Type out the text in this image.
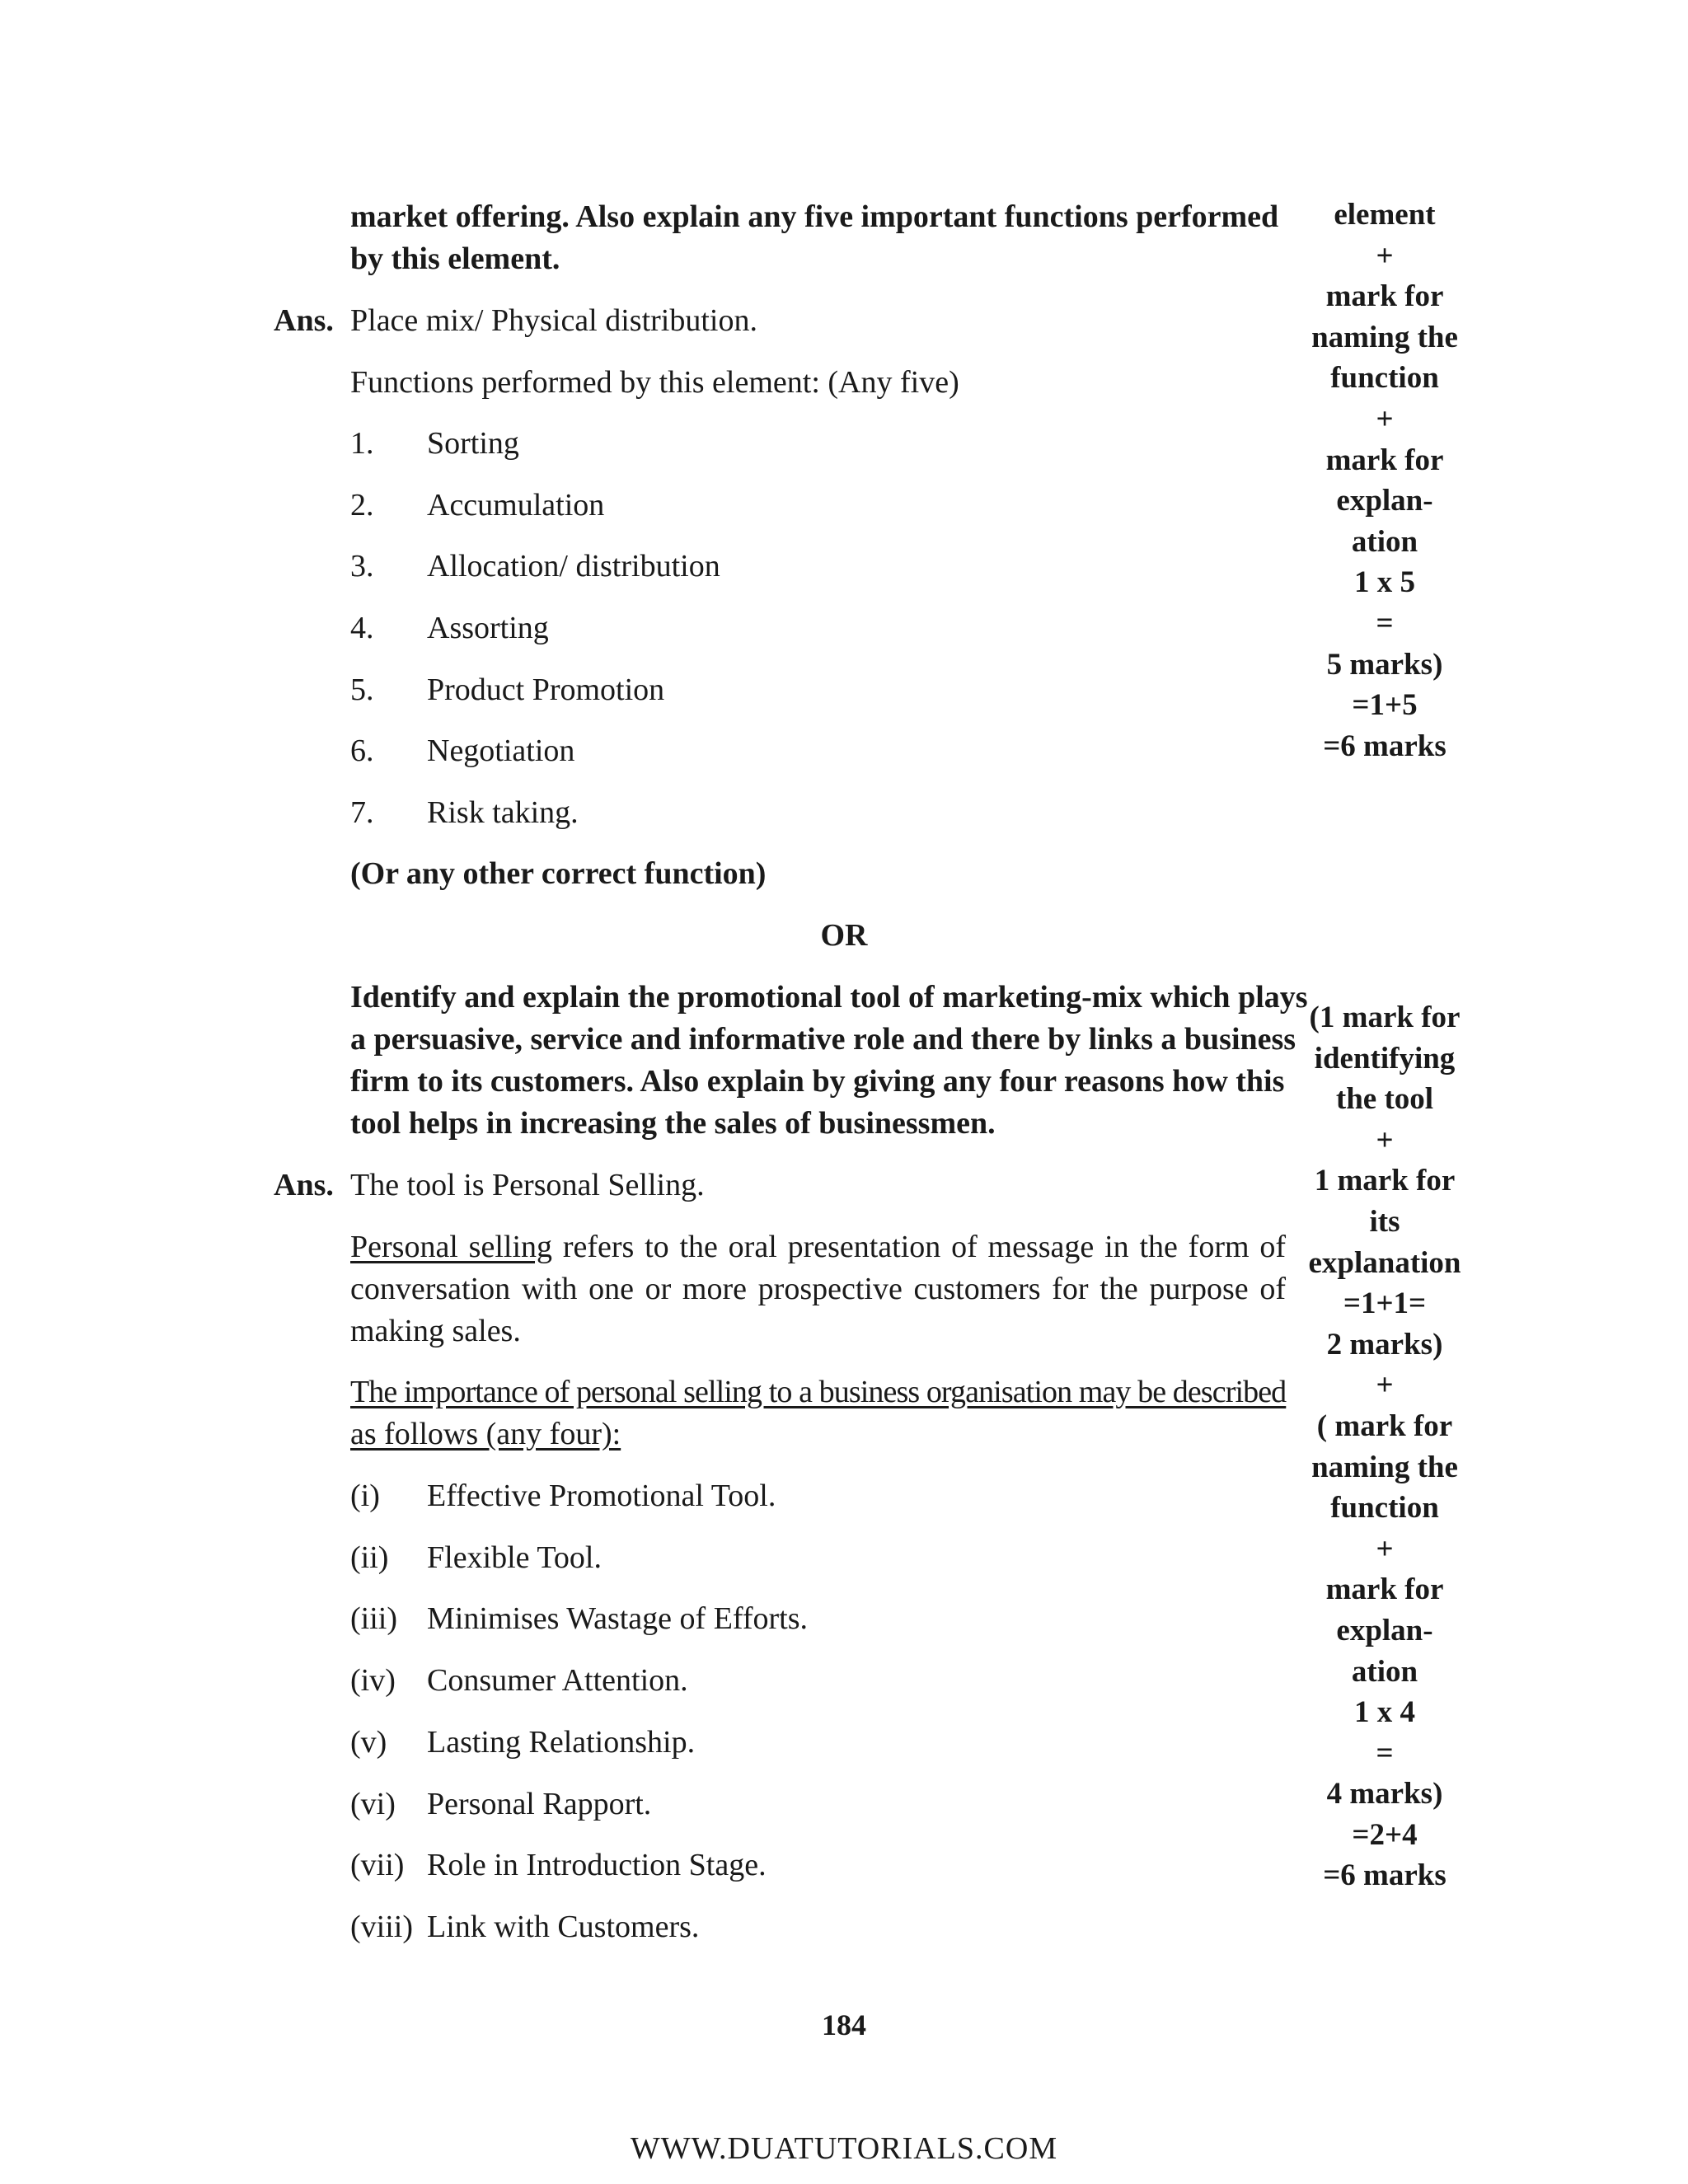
market offering. Also explain any five important functions performed
by this element.
Ans. Place mix/ Physical distribution.
Functions performed by this element: (Any five)
1. Sorting
2. Accumulation
3. Allocation/ distribution
4. Assorting
5. Product Promotion
6. Negotiation
7. Risk taking.
(Or any other correct function)
element
+
mark for
naming the
function
+
mark for
explan-
ation
1 x 5
=
5 marks)
=1+5
=6 marks
OR
Identify and explain the promotional tool of marketing-mix which plays
a persuasive, service and informative role and there by links a business
firm to its customers. Also explain by giving any four reasons how this
tool helps in increasing the sales of businessmen.
Ans. The tool is Personal Selling.
Personal selling refers to the oral presentation of message in the form of conversation with one or more prospective customers for the purpose of making sales.
The importance of personal selling to a business organisation may be described
as follows (any four):
(i) Effective Promotional Tool.
(ii) Flexible Tool.
(iii) Minimises Wastage of Efforts.
(iv) Consumer Attention.
(v) Lasting Relationship.
(vi) Personal Rapport.
(vii) Role in Introduction Stage.
(viii) Link with Customers.
(1 mark for
identifying
the tool
+
1 mark for
its
explanation
=1+1=
2 marks)
+
( mark for
naming the
function
+
mark for
explan-
ation
1 x 4
=
4 marks)
=2+4
=6 marks
184
WWW.DUATUTORIALS.COM
